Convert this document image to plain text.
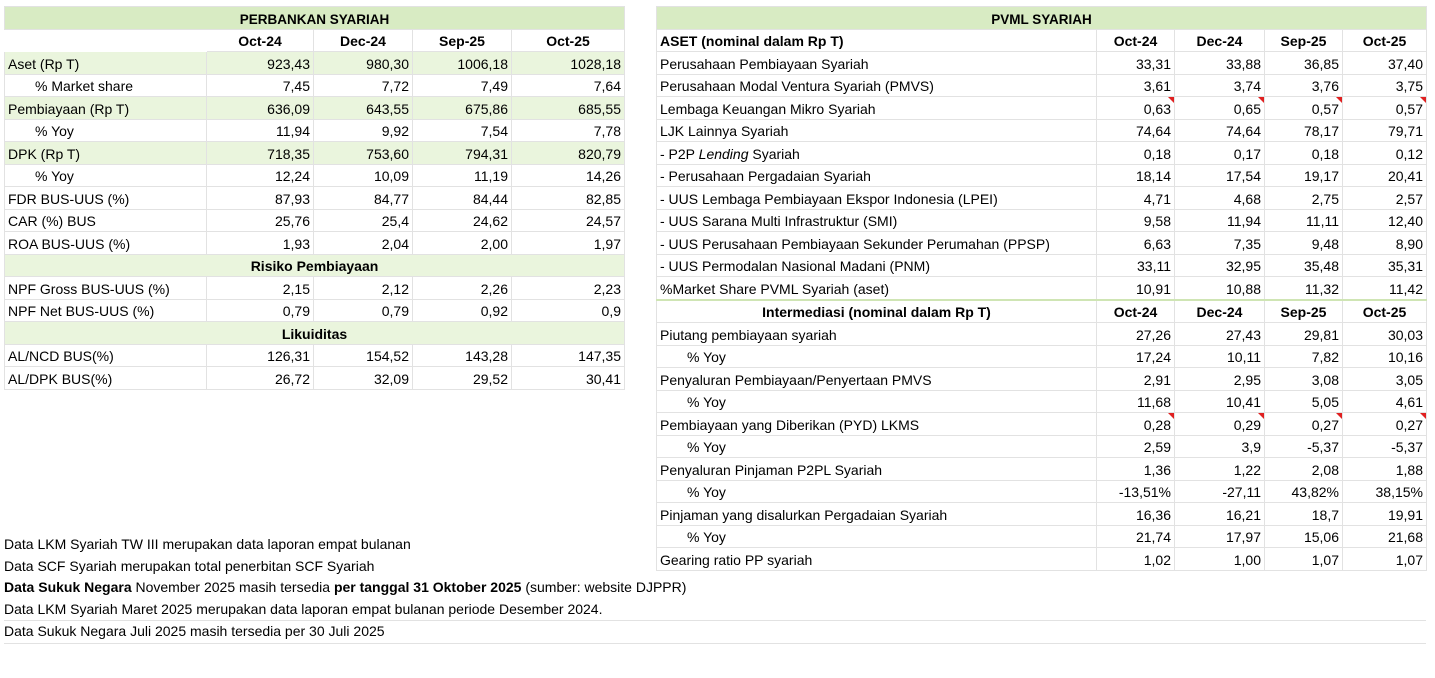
PERBANKAN SYARIAH				
	Oct-24	Dec-24	Sep-25	Oct-25
Aset (Rp T)	923,43	980,30	1006,18	1028,18
% Market share	7,45	7,72	7,49	7,64
Pembiayaan (Rp T)	636,09	643,55	675,86	685,55
% Yoy	11,94	9,92	7,54	7,78
DPK (Rp T)	718,35	753,60	794,31	820,79
% Yoy	12,24	10,09	11,19	14,26
FDR BUS-UUS (%)	87,93	84,77	84,44	82,85
CAR (%) BUS	25,76	25,4	24,62	24,57
ROA BUS-UUS (%)	1,93	2,04	2,00	1,97
Risiko Pembiayaan				
NPF Gross BUS-UUS (%)	2,15	2,12	2,26	2,23
NPF Net BUS-UUS (%)	0,79	0,79	0,92	0,9
Likuiditas				
AL/NCD BUS(%)	126,31	154,52	143,28	147,35
AL/DPK BUS(%)	26,72	32,09	29,52	30,41
PVML SYARIAH				
ASET (nominal dalam Rp T)	Oct-24	Dec-24	Sep-25	Oct-25
Perusahaan Pembiayaan Syariah	33,31	33,88	36,85	37,40
Perusahaan Modal Ventura Syariah (PMVS)	3,61	3,74	3,76	3,75
Lembaga Keuangan Mikro Syariah	0,63	0,65	0,57	0,57
LJK Lainnya Syariah	74,64	74,64	78,17	79,71
- P2P Lending Syariah	0,18	0,17	0,18	0,12
- Perusahaan Pergadaian Syariah	18,14	17,54	19,17	20,41
- UUS Lembaga Pembiayaan Ekspor Indonesia (LPEI)	4,71	4,68	2,75	2,57
- UUS Sarana Multi Infrastruktur (SMI)	9,58	11,94	11,11	12,40
- UUS Perusahaan Pembiayaan Sekunder Perumahan (PPSP)	6,63	7,35	9,48	8,90
- UUS Permodalan Nasional Madani (PNM)	33,11	32,95	35,48	35,31
%Market Share PVML Syariah (aset)	10,91	10,88	11,32	11,42
Intermediasi (nominal dalam Rp T)	Oct-24	Dec-24	Sep-25	Oct-25
Piutang pembiayaan syariah	27,26	27,43	29,81	30,03
% Yoy	17,24	10,11	7,82	10,16
Penyaluran Pembiayaan/Penyertaan PMVS	2,91	2,95	3,08	3,05
% Yoy	11,68	10,41	5,05	4,61
Pembiayaan yang Diberikan (PYD) LKMS	0,28	0,29	0,27	0,27
% Yoy	2,59	3,9	-5,37	-5,37
Penyaluran Pinjaman P2PL Syariah	1,36	1,22	2,08	1,88
% Yoy	-13,51%	-27,11	43,82%	38,15%
Pinjaman yang disalurkan Pergadaian Syariah	16,36	16,21	18,7	19,91
% Yoy	21,74	17,97	15,06	21,68
Gearing ratio PP syariah	1,02	1,00	1,07	1,07
Data LKM Syariah TW III merupakan data laporan empat bulanan
Data SCF Syariah merupakan total penerbitan SCF Syariah
Data Sukuk Negara November 2025 masih tersedia per tanggal 31 Oktober 2025 (sumber: website DJPPR)
Data LKM Syariah Maret 2025 merupakan data laporan empat bulanan periode Desember 2024.
Data Sukuk Negara Juli 2025 masih tersedia per 30 Juli 2025
